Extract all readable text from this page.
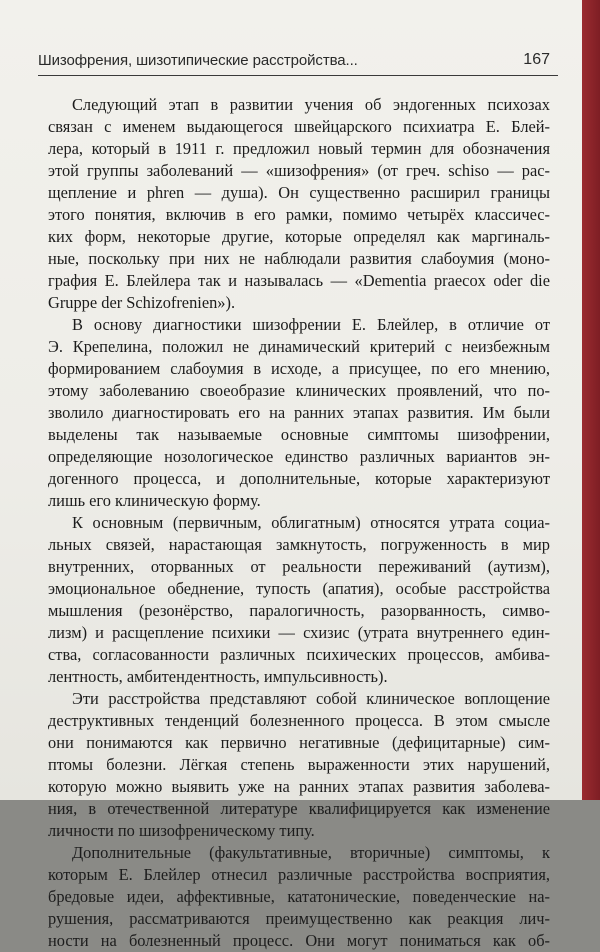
Шизофрения, шизотипические расстройства...	167
Следующий этап в развитии учения об эндогенных психозах
связан с именем выдающегося швейцарского психиатра Е. Блей-
лера, который в 1911 г. предложил новый термин для обозначения
этой группы заболеваний — «шизофрения» (от греч. schiso — рас-
щепление и phren — душа). Он существенно расширил границы
этого понятия, включив в его рамки, помимо четырёх классичес-
ких форм, некоторые другие, которые определял как маргиналь-
ные, поскольку при них не наблюдали развития слабоумия (моно-
графия Е. Блейлера так и называлась — «Dementia praecox oder die
Gruppe der Schizofrenien»).
В основу диагностики шизофрении Е. Блейлер, в отличие от
Э. Крепелина, положил не динамический критерий с неизбежным
формированием слабоумия в исходе, а присущее, по его мнению,
этому заболеванию своеобразие клинических проявлений, что по-
зволило диагностировать его на ранних этапах развития. Им были
выделены так называемые основные симптомы шизофрении,
определяющие нозологическое единство различных вариантов эн-
догенного процесса, и дополнительные, которые характеризуют
лишь его клиническую форму.
К основным (первичным, облигатным) относятся утрата социа-
льных связей, нарастающая замкнутость, погруженность в мир
внутренних, оторванных от реальности переживаний (аутизм),
эмоциональное обеднение, тупость (апатия), особые расстройства
мышления (резонёрство, паралогичность, разорванность, симво-
лизм) и расщепление психики — схизис (утрата внутреннего един-
ства, согласованности различных психических процессов, амбива-
лентность, амбитендентность, импульсивность).
Эти расстройства представляют собой клиническое воплощение
деструктивных тенденций болезненного процесса. В этом смысле
они понимаются как первично негативные (дефицитарные) сим-
птомы болезни. Лёгкая степень выраженности этих нарушений,
которую можно выявить уже на ранних этапах развития заболева-
ния, в отечественной литературе квалифицируется как изменение
личности по шизофреническому типу.
Дополнительные (факультативные, вторичные) симптомы, к
которым Е. Блейлер отнесил различные расстройства восприятия,
бредовые идеи, аффективные, кататонические, поведенческие на-
рушения, рассматриваются преимущественно как реакция лич-
ности на болезненный процесс. Они могут пониматься как об-
